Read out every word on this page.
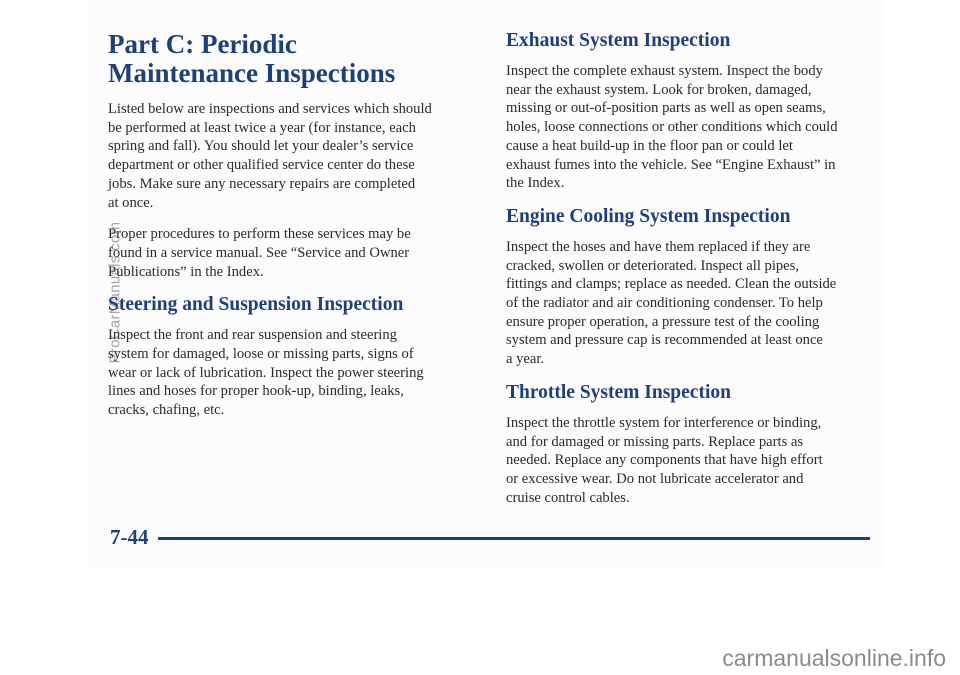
Part C: Periodic
Maintenance Inspections

Listed below are inspections and services which should
be performed at least twice a year (for instance, each
spring and fall). You should let your dealer’s service
department or other qualified service center do these
jobs. Make sure any necessary repairs are completed
at once.

Proper procedures to perform these services may be
found in a service manual. See “Service and Owner
Publications” in the Index.

Steering and Suspension Inspection

Inspect the front and rear suspension and steering
system for damaged, loose or missing parts, signs of
wear or lack of lubrication. Inspect the power steering
lines and hoses for proper hook-up, binding, leaks,
cracks, chafing, etc.

Exhaust System Inspection

Inspect the complete exhaust system. Inspect the body
near the exhaust system. Look for broken, damaged,
missing or out-of-position parts as well as open seams,
holes, loose connections or other conditions which could
cause a heat build-up in the floor pan or could let
exhaust fumes into the vehicle. See “Engine Exhaust” in
the Index.

Engine Cooling System Inspection

Inspect the hoses and have them replaced if they are
cracked, swollen or deteriorated. Inspect all pipes,
fittings and clamps; replace as needed. Clean the outside
of the radiator and air conditioning condenser. To help
ensure proper operation, a pressure test of the cooling
system and pressure cap is recommended at least once
a year.

Throttle System Inspection

Inspect the throttle system for interference or binding,
and for damaged or missing parts. Replace parts as
needed. Replace any components that have high effort
or excessive wear. Do not lubricate accelerator and
cruise control cables.

7-44
ProCarManuals.com
carmanualsonline.info
